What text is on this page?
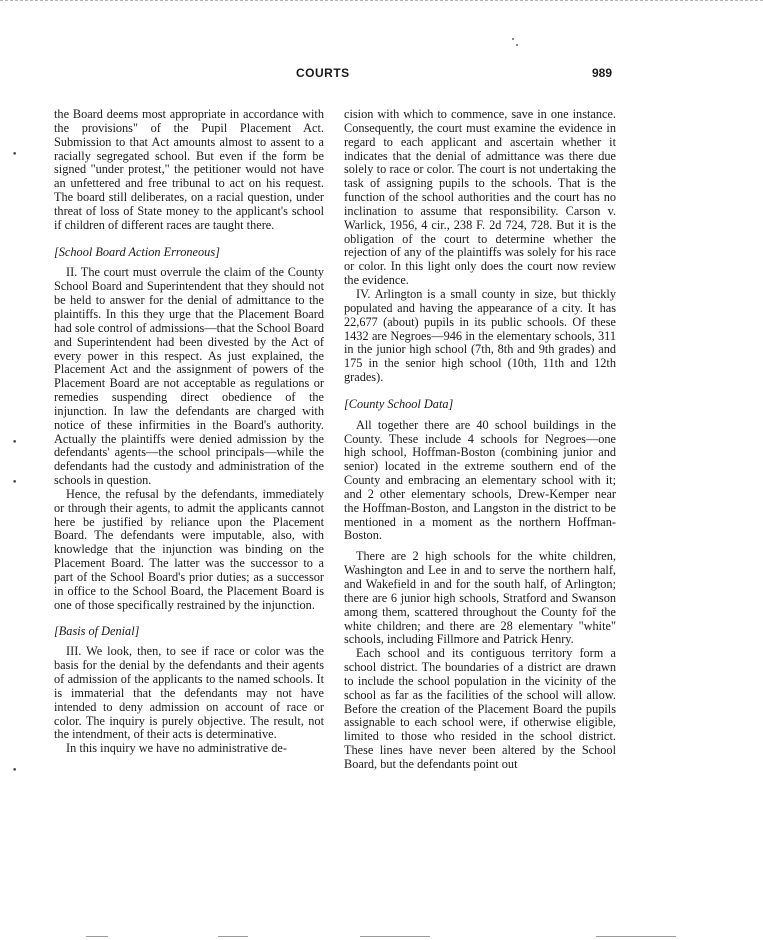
COURTS	989
•
•
•
•

the Board deems most appropriate in accordance with the provisions" of the Pupil Placement Act. Submission to that Act amounts almost to assent to a racially segregated school. But even if the form be signed "under protest," the petitioner would not have an unfettered and free tribunal to act on his request. The board still deliberates, on a racial question, under threat of loss of State money to the applicant's school if children of different races are taught there.

[School Board Action Erroneous]

II. The court must overrule the claim of the County School Board and Superintendent that they should not be held to answer for the denial of admittance to the plaintiffs. In this they urge that the Placement Board had sole control of admissions—that the School Board and Superintendent had been divested by the Act of every power in this respect. As just explained, the Placement Act and the assignment of powers of the Placement Board are not acceptable as regulations or remedies suspending direct obedience of the injunction. In law the defendants are charged with notice of these infirmities in the Board's authority. Actually the plaintiffs were denied admission by the defendants' agents—the school principals—while the defendants had the custody and administration of the schools in question.

Hence, the refusal by the defendants, immediately or through their agents, to admit the applicants cannot here be justified by reliance upon the Placement Board. The defendants were imputable, also, with knowledge that the injunction was binding on the Placement Board. The latter was the successor to a part of the School Board's prior duties; as a successor in office to the School Board, the Placement Board is one of those specifically restrained by the injunction.

[Basis of Denial]

III. We look, then, to see if race or color was the basis for the denial by the defendants and their agents of admission of the applicants to the named schools. It is immaterial that the defendants may not have intended to deny admission on account of race or color. The inquiry is purely objective. The result, not the intendment, of their acts is determinative.

In this inquiry we have no administrative de-

cision with which to commence, save in one instance. Consequently, the court must examine the evidence in regard to each applicant and ascertain whether it indicates that the denial of admittance was there due solely to race or color. The court is not undertaking the task of assigning pupils to the schools. That is the function of the school authorities and the court has no inclination to assume that responsibility. Carson v. Warlick, 1956, 4 cir., 238 F. 2d 724, 728. But it is the obligation of the court to determine whether the rejection of any of the plaintiffs was solely for his race or color. In this light only does the court now review the evidence.

IV. Arlington is a small county in size, but thickly populated and having the appearance of a city. It has 22,677 (about) pupils in its public schools. Of these 1432 are Negroes—946 in the elementary schools, 311 in the junior high school (7th, 8th and 9th grades) and 175 in the senior high school (10th, 11th and 12th grades).

[County School Data]

All together there are 40 school buildings in the County. These include 4 schools for Negroes—one high school, Hoffman-Boston (combining junior and senior) located in the extreme southern end of the County and embracing an elementary school with it; and 2 other elementary schools, Drew-Kemper near the Hoffman-Boston, and Langston in the district to be mentioned in a moment as the northern Hoffman-Boston.

There are 2 high schools for the white children, Washington and Lee in and to serve the northern half, and Wakefield in and for the south half, of Arlington; there are 6 junior high schools, Stratford and Swanson among them, scattered throughout the County foř the white children; and there are 28 elementary "white" schools, including Fillmore and Patrick Henry.

Each school and its contiguous territory form a school district. The boundaries of a district are drawn to include the school population in the vicinity of the school as far as the facilities of the school will allow. Before the creation of the Placement Board the pupils assignable to each school were, if otherwise eligible, limited to those who resided in the school district. These lines have never been altered by the School Board, but the defendants point out
